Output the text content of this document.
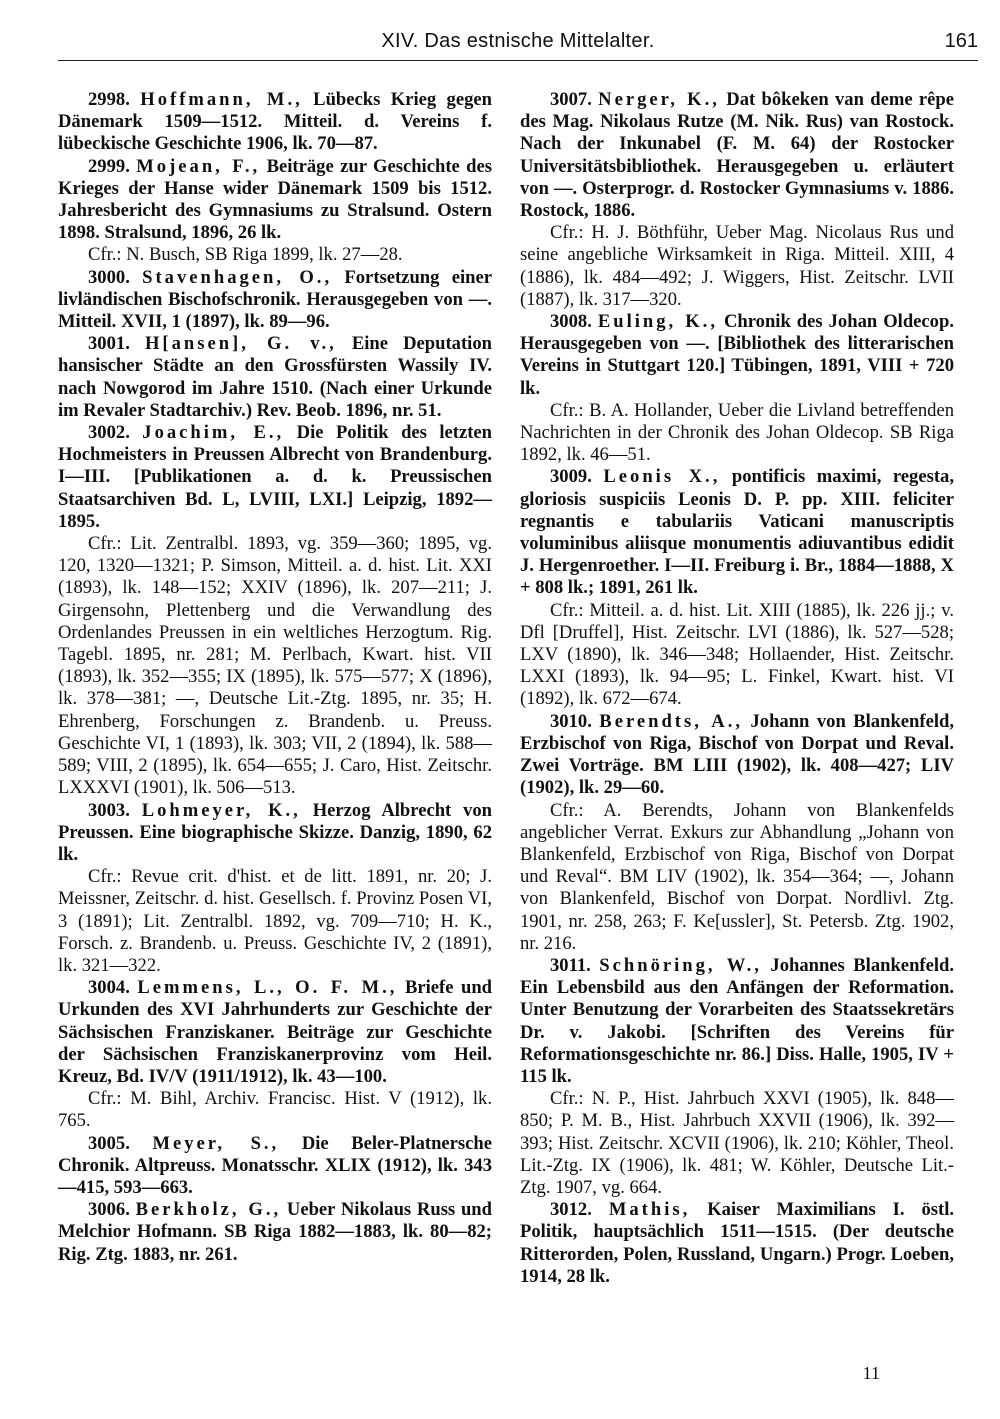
XIV. Das estnische Mittelalter.	161

2998. Hoffmann, M., Lübecks Krieg gegen Dänemark 1509—1512. Mitteil. d. Vereins f. lübeckische Geschichte 1906, lk. 70—87.

2999. Mojean, F., Beiträge zur Geschichte des Krieges der Hanse wider Dänemark 1509 bis 1512. Jahresbericht des Gymnasiums zu Stralsund. Ostern 1898. Stralsund, 1896, 26 lk.

Cfr.: N. Busch, SB Riga 1899, lk. 27—28.

3000. Stavenhagen, O., Fortsetzung einer livländischen Bischofschronik. Herausgegeben von —. Mitteil. XVII, 1 (1897), lk. 89—96.

3001. H[ansen], G. v., Eine Deputation hansischer Städte an den Grossfürsten Wassily IV. nach Nowgorod im Jahre 1510. (Nach einer Urkunde im Revaler Stadtarchiv.) Rev. Beob. 1896, nr. 51.

3002. Joachim, E., Die Politik des letzten Hochmeisters in Preussen Albrecht von Brandenburg. I—III. [Publikationen a. d. k. Preussischen Staatsarchiven Bd. L, LVIII, LXI.] Leipzig, 1892—1895.

Cfr.: Lit. Zentralbl. 1893, vg. 359—360; 1895, vg. 120, 1320—1321; P. Simson, Mitteil. a. d. hist. Lit. XXI (1893), lk. 148—152; XXIV (1896), lk. 207—211; J. Girgensohn, Plettenberg und die Verwandlung des Ordenlandes Preussen in ein weltliches Herzogtum. Rig. Tagebl. 1895, nr. 281; M. Perlbach, Kwart. hist. VII (1893), lk. 352—355; IX (1895), lk. 575—577; X (1896), lk. 378—381; —, Deutsche Lit.-Ztg. 1895, nr. 35; H. Ehrenberg, Forschungen z. Brandenb. u. Preuss. Geschichte VI, 1 (1893), lk. 303; VII, 2 (1894), lk. 588—589; VIII, 2 (1895), lk. 654—655; J. Caro, Hist. Zeitschr. LXXXVI (1901), lk. 506—513.

3003. Lohmeyer, K., Herzog Albrecht von Preussen. Eine biographische Skizze. Danzig, 1890, 62 lk.

Cfr.: Revue crit. d'hist. et de litt. 1891, nr. 20; J. Meissner, Zeitschr. d. hist. Gesellsch. f. Provinz Posen VI, 3 (1891); Lit. Zentralbl. 1892, vg. 709—710; H. K., Forsch. z. Brandenb. u. Preuss. Geschichte IV, 2 (1891), lk. 321—322.

3004. Lemmens, L., O. F. M., Briefe und Urkunden des XVI Jahrhunderts zur Geschichte der Sächsischen Franziskaner. Beiträge zur Geschichte der Sächsischen Franziskanerprovinz vom Heil. Kreuz, Bd. IV/V (1911/1912), lk. 43—100.

Cfr.: M. Bihl, Archiv. Francisc. Hist. V (1912), lk. 765.

3005. Meyer, S., Die Beler-Platnersche Chronik. Altpreuss. Monatsschr. XLIX (1912), lk. 343—415, 593—663.

3006. Berkholz, G., Ueber Nikolaus Russ und Melchior Hofmann. SB Riga 1882—1883, lk. 80—82; Rig. Ztg. 1883, nr. 261.

3007. Nerger, K., Dat bôkeken van deme rêpe des Mag. Nikolaus Rutze (M. Nik. Rus) van Rostock. Nach der Inkunabel (F. M. 64) der Rostocker Universitätsbibliothek. Herausgegeben u. erläutert von —. Osterprogr. d. Rostocker Gymnasiums v. 1886. Rostock, 1886.

Cfr.: H. J. Böthführ, Ueber Mag. Nicolaus Rus und seine angebliche Wirksamkeit in Riga. Mitteil. XIII, 4 (1886), lk. 484—492; J. Wiggers, Hist. Zeitschr. LVII (1887), lk. 317—320.

3008. Euling, K., Chronik des Johan Oldecop. Herausgegeben von —. [Bibliothek des litterarischen Vereins in Stuttgart 120.] Tübingen, 1891, VIII + 720 lk.

Cfr.: B. A. Hollander, Ueber die Livland betreffenden Nachrichten in der Chronik des Johan Oldecop. SB Riga 1892, lk. 46—51.

3009. Leonis X., pontificis maximi, regesta, gloriosis suspiciis Leonis D. P. pp. XIII. feliciter regnantis e tabulariis Vaticani manuscriptis voluminibus aliisque monumentis adiuvantibus edidit J. Hergenroether. I—II. Freiburg i. Br., 1884—1888, X + 808 lk.; 1891, 261 lk.

Cfr.: Mitteil. a. d. hist. Lit. XIII (1885), lk. 226 jj.; v. Dfl [Druffel], Hist. Zeitschr. LVI (1886), lk. 527—528; LXV (1890), lk. 346—348; Hollaender, Hist. Zeitschr. LXXI (1893), lk. 94—95; L. Finkel, Kwart. hist. VI (1892), lk. 672—674.

3010. Berendts, A., Johann von Blankenfeld, Erzbischof von Riga, Bischof von Dorpat und Reval. Zwei Vorträge. BM LIII (1902), lk. 408—427; LIV (1902), lk. 29—60.

Cfr.: A. Berendts, Johann von Blankenfelds angeblicher Verrat. Exkurs zur Abhandlung „Johann von Blankenfeld, Erzbischof von Riga, Bischof von Dorpat und Reval“. BM LIV (1902), lk. 354—364; —, Johann von Blankenfeld, Bischof von Dorpat. Nordlivl. Ztg. 1901, nr. 258, 263; F. Ke[ussler], St. Petersb. Ztg. 1902, nr. 216.

3011. Schnöring, W., Johannes Blankenfeld. Ein Lebensbild aus den Anfängen der Reformation. Unter Benutzung der Vorarbeiten des Staatssekretärs Dr. v. Jakobi. [Schriften des Vereins für Reformationsgeschichte nr. 86.] Diss. Halle, 1905, IV + 115 lk.

Cfr.: N. P., Hist. Jahrbuch XXVI (1905), lk. 848—850; P. M. B., Hist. Jahrbuch XXVII (1906), lk. 392—393; Hist. Zeitschr. XCVII (1906), lk. 210; Köhler, Theol. Lit.-Ztg. IX (1906), lk. 481; W. Köhler, Deutsche Lit.-Ztg. 1907, vg. 664.

3012. Mathis, Kaiser Maximilians I. östl. Politik, hauptsächlich 1511—1515. (Der deutsche Ritterorden, Polen, Russland, Ungarn.) Progr. Loeben, 1914, 28 lk.

11
